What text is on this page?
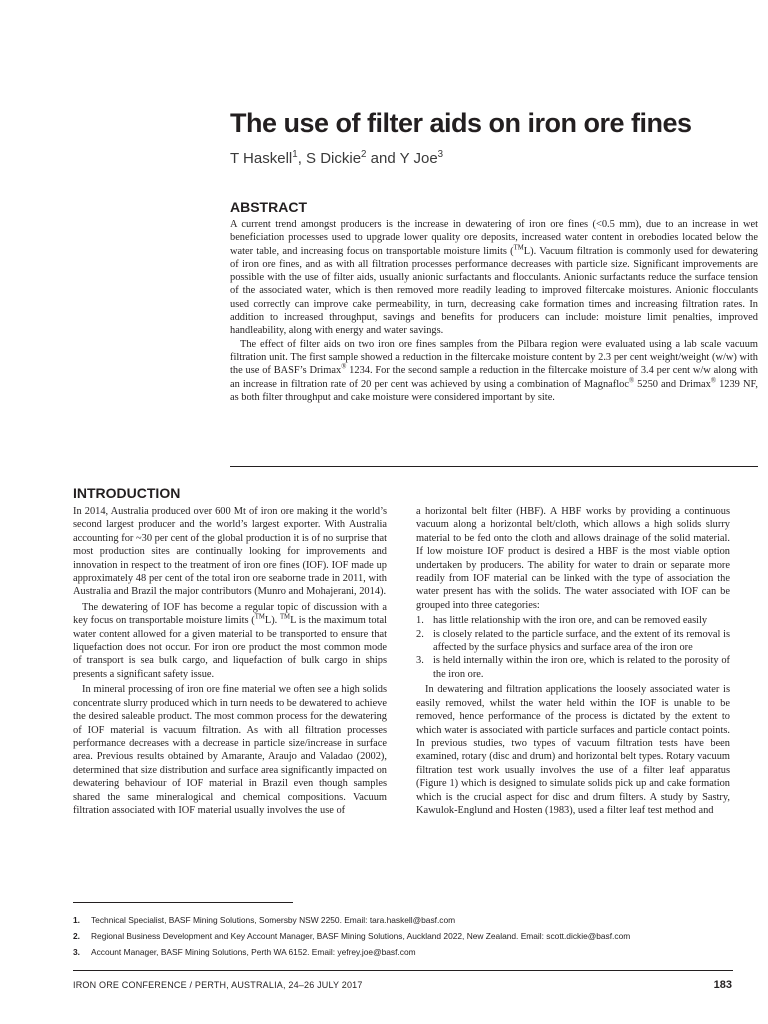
The use of filter aids on iron ore fines

T Haskell$^1$, S Dickie$^2$ and Y Joe$^3$

ABSTRACT

A current trend amongst producers is the increase in dewatering of iron ore fines (<0.5 mm), due to an increase in wet beneficiation processes used to upgrade lower quality ore deposits, increased water content in orebodies located below the water table, and increasing focus on transportable moisture limits (™L). Vacuum filtration is commonly used for dewatering of iron ore fines, and as with all filtration processes performance decreases with particle size. Significant improvements are possible with the use of filter aids, usually anionic surfactants and flocculants. Anionic surfactants reduce the surface tension of the associated water, which is then removed more readily leading to improved filtercake moistures. Anionic flocculants used correctly can improve cake permeability, in turn, decreasing cake formation times and increasing filtration rates. In addition to increased throughput, savings and benefits for producers can include: moisture limit penalties, improved handleability, along with energy and water savings.

The effect of filter aids on two iron ore fines samples from the Pilbara region were evaluated using a lab scale vacuum filtration unit. The first sample showed a reduction in the filtercake moisture content by 2.3 per cent weight/weight (w/w) with the use of BASF’s Drimax® 1234. For the second sample a reduction in the filtercake moisture of 3.4 per cent w/w along with an increase in filtration rate of 20 per cent was achieved by using a combination of Magnafloc® 5250 and Drimax® 1239 NF, as both filter throughput and cake moisture were considered important by site.

INTRODUCTION

In 2014, Australia produced over 600 Mt of iron ore making it the world’s second largest producer and the world’s largest exporter. With Australia accounting for ~30 per cent of the global production it is of no surprise that most production sites are continually looking for improvements and innovation in respect to the treatment of iron ore fines (IOF). IOF made up approximately 48 per cent of the total iron ore seaborne trade in 2011, with Australia and Brazil the major contributors (Munro and Mohajerani, 2014).

The dewatering of IOF has become a regular topic of discussion with a key focus on transportable moisture limits (™L). ™L is the maximum total water content allowed for a given material to be transported to ensure that liquefaction does not occur. For iron ore product the most common mode of transport is sea bulk cargo, and liquefaction of bulk cargo in ships presents a significant safety issue.

In mineral processing of iron ore fine material we often see a high solids concentrate slurry produced which in turn needs to be dewatered to achieve the desired saleable product. The most common process for the dewatering of IOF material is vacuum filtration. As with all filtration processes performance decreases with a decrease in particle size/increase in surface area. Previous results obtained by Amarante, Araujo and Valadao (2002), determined that size distribution and surface area significantly impacted on dewatering behaviour of IOF material in Brazil even though samples shared the same mineralogical and chemical compositions. Vacuum filtration associated with IOF material usually involves the use of

a horizontal belt filter (HBF). A HBF works by providing a continuous vacuum along a horizontal belt/cloth, which allows a high solids slurry material to be fed onto the cloth and allows drainage of the solid material. If low moisture IOF product is desired a HBF is the most viable option undertaken by producers. The ability for water to drain or separate more readily from IOF material can be linked with the type of association the water present has with the solids. The water associated with IOF can be grouped into three categories:

1. has little relationship with the iron ore, and can be removed easily
2. is closely related to the particle surface, and the extent of its removal is affected by the surface physics and surface area of the iron ore
3. is held internally within the iron ore, which is related to the porosity of the iron ore.

In dewatering and filtration applications the loosely associated water is easily removed, whilst the water held within the IOF is unable to be removed, hence performance of the process is dictated by the extent to which water is associated with particle surfaces and particle contact points. In previous studies, two types of vacuum filtration tests have been examined, rotary (disc and drum) and horizontal belt types. Rotary vacuum filtration test work usually involves the use of a filter leaf apparatus (Figure 1) which is designed to simulate solids pick up and cake formation which is the crucial aspect for disc and drum filters. A study by Sastry, Kawulok-Englund and Hosten (1983), used a filter leaf test method and

1.	Technical Specialist, BASF Mining Solutions, Somersby NSW 2250. Email: tara.haskell@basf.com
2.	Regional Business Development and Key Account Manager, BASF Mining Solutions, Auckland 2022, New Zealand. Email: scott.dickie@basf.com
3.	Account Manager, BASF Mining Solutions, Perth WA 6152. Email: yefrey.joe@basf.com
IRON ORE CONFERENCE / PERTH, AUSTRALIA, 24–26 JULY 2017	183
